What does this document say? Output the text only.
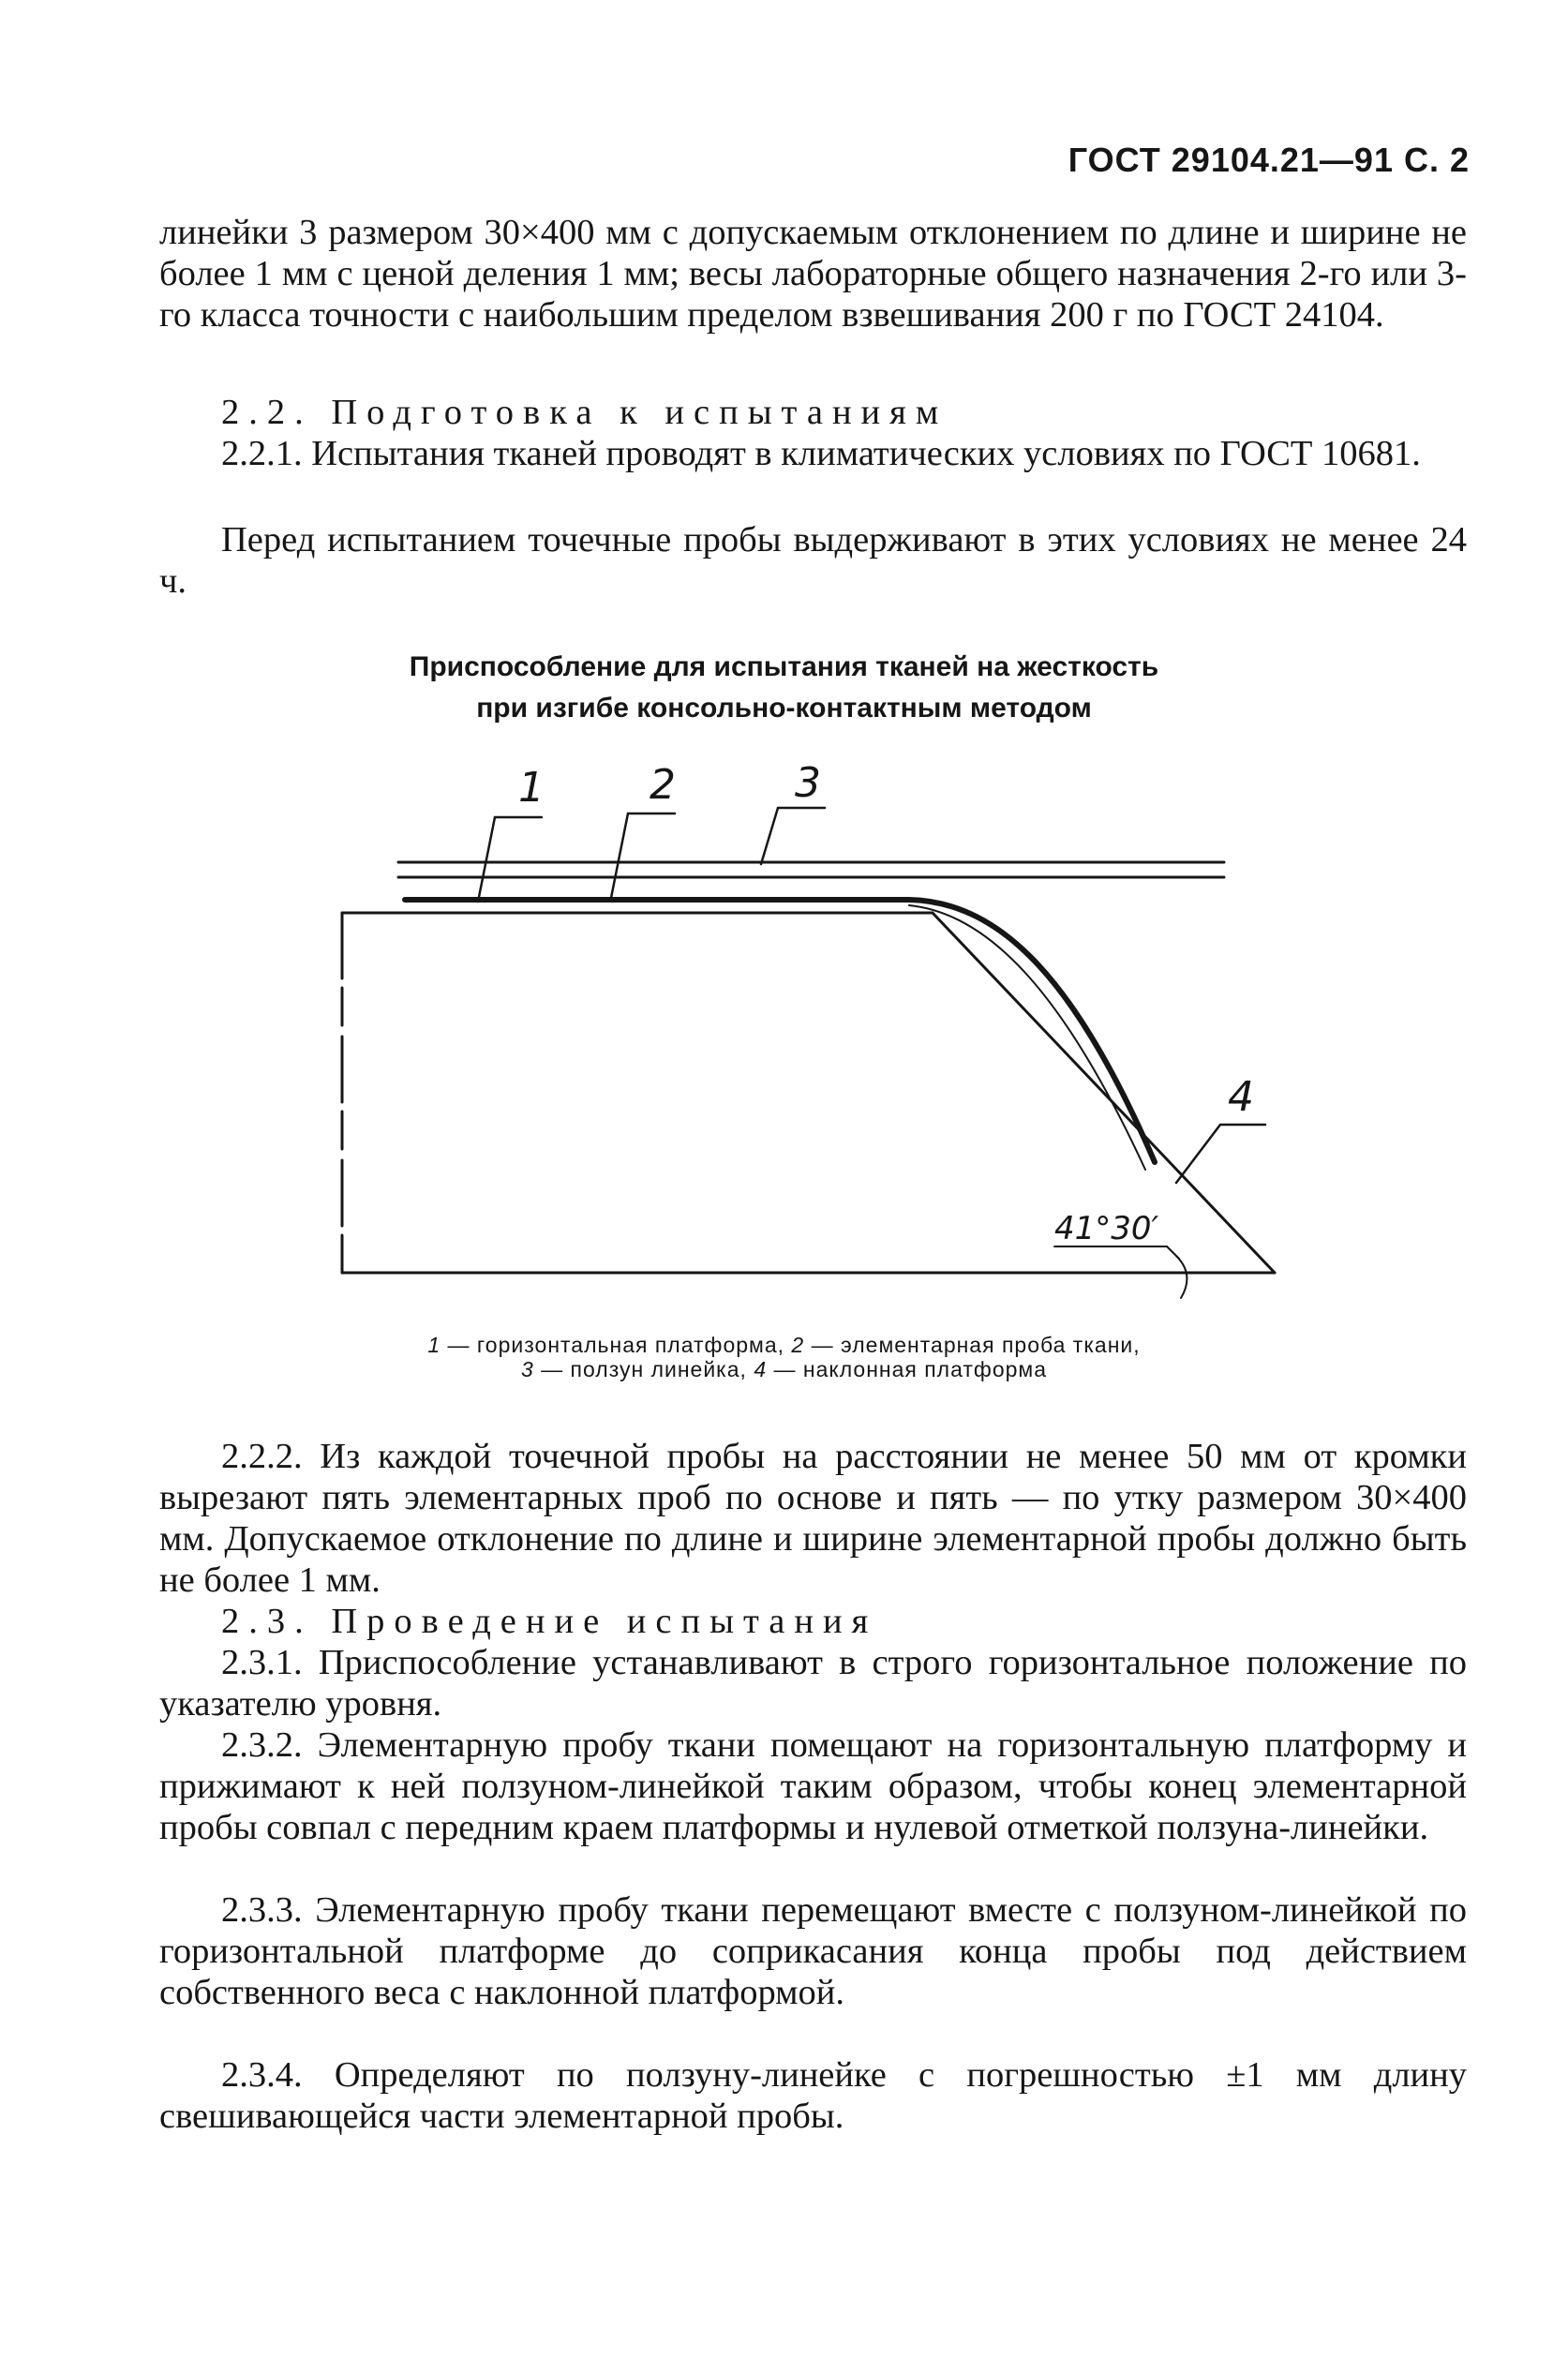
ГОСТ 29104.21—91 С. 2

линейки 3 размером 30×400 мм с допускаемым отклонением по длине и ширине не более 1 мм с ценой деления 1 мм; весы лабораторные общего назначения 2-го или 3-го класса точности с наибольшим пределом взвешивания 200 г по ГОСТ 24104.

2.2. Подготовка к испытаниям

2.2.1. Испытания тканей проводят в климатических условиях по ГОСТ 10681.

Перед испытанием точечные пробы выдерживают в этих условиях не менее 24 ч.

Приспособление для испытания тканей на жесткость
при изгибе консольно-контактным методом
1	2	3
4
41°30′
1 — горизонтальная платформа, 2 — элементарная проба ткани,
3 — ползун линейка, 4 — наклонная платформа

2.2.2. Из каждой точечной пробы на расстоянии не менее 50 мм от кромки вырезают пять элементарных проб по основе и пять — по утку размером 30×400 мм. Допускаемое отклонение по длине и ширине элементарной пробы должно быть не более 1 мм.

2.3. Проведение испытания

2.3.1. Приспособление устанавливают в строго горизонтальное положение по указателю уровня.

2.3.2. Элементарную пробу ткани помещают на горизонтальную платформу и прижимают к ней ползуном-линейкой таким образом, чтобы конец элементарной пробы совпал с передним краем платформы и нулевой отметкой ползуна-линейки.

2.3.3. Элементарную пробу ткани перемещают вместе с ползуном-линейкой по горизонтальной платформе до соприкасания конца пробы под действием собственного веса с наклонной платформой.

2.3.4. Определяют по ползуну-линейке с погрешностью ±1 мм длину свешивающейся части элементарной пробы.
